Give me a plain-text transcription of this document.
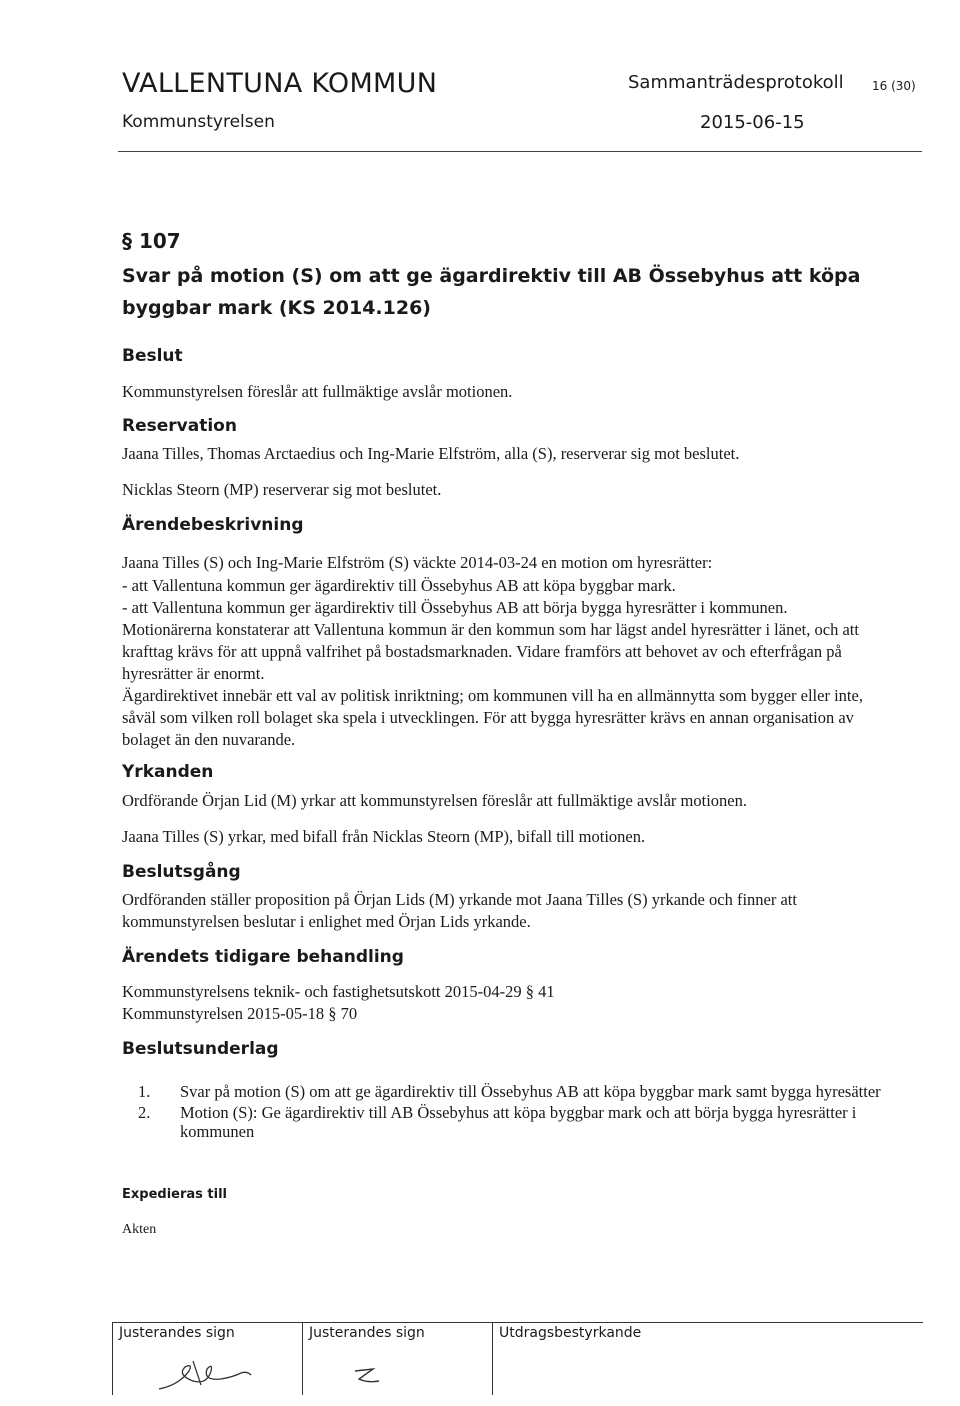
VALLENTUNA KOMMUN	Sammanträdesprotokoll 16 (30)
Kommunstyrelsen	2015-06-15
§ 107
Svar på motion (S) om att ge ägardirektiv till AB Össebyhus att köpa byggbar mark (KS 2014.126)
Beslut
Kommunstyrelsen föreslår att fullmäktige avslår motionen.
Reservation
Jaana Tilles, Thomas Arctaedius och Ing-Marie Elfström, alla (S), reserverar sig mot beslutet.
Nicklas Steorn (MP) reserverar sig mot beslutet.
Ärendebeskrivning
Jaana Tilles (S) och Ing-Marie Elfström (S) väckte 2014-03-24 en motion om hyresrätter:
- att Vallentuna kommun ger ägardirektiv till Össebyhus AB att köpa byggbar mark.
- att Vallentuna kommun ger ägardirektiv till Össebyhus AB att börja bygga hyresrätter i kommunen.
Motionärerna konstaterar att Vallentuna kommun är den kommun som har lägst andel hyresrätter i länet, och att krafttag krävs för att uppnå valfrihet på bostadsmarknaden. Vidare framförs att behovet av och efterfrågan på hyresrätter är enormt.
Ägardirektivet innebär ett val av politisk inriktning; om kommunen vill ha en allmännytta som bygger eller inte, såväl som vilken roll bolaget ska spela i utvecklingen. För att bygga hyresrätter krävs en annan organisation av bolaget än den nuvarande.
Yrkanden
Ordförande Örjan Lid (M) yrkar att kommunstyrelsen föreslår att fullmäktige avslår motionen.
Jaana Tilles (S) yrkar, med bifall från Nicklas Steorn (MP), bifall till motionen.
Beslutsgång
Ordföranden ställer proposition på Örjan Lids (M) yrkande mot Jaana Tilles (S) yrkande och finner att kommunstyrelsen beslutar i enlighet med Örjan Lids yrkande.
Ärendets tidigare behandling
Kommunstyrelsens teknik- och fastighetsutskott 2015-04-29 § 41
Kommunstyrelsen 2015-05-18 § 70
Beslutsunderlag
1. Svar på motion (S) om att ge ägardirektiv till Össebyhus AB att köpa byggbar mark samt bygga hyresätter
2. Motion (S): Ge ägardirektiv till AB Össebyhus att köpa byggbar mark och att börja bygga hyresrätter i kommunen
Expedieras till
Akten
Justerandes sign	Justerandes sign	Utdragsbestyrkande
